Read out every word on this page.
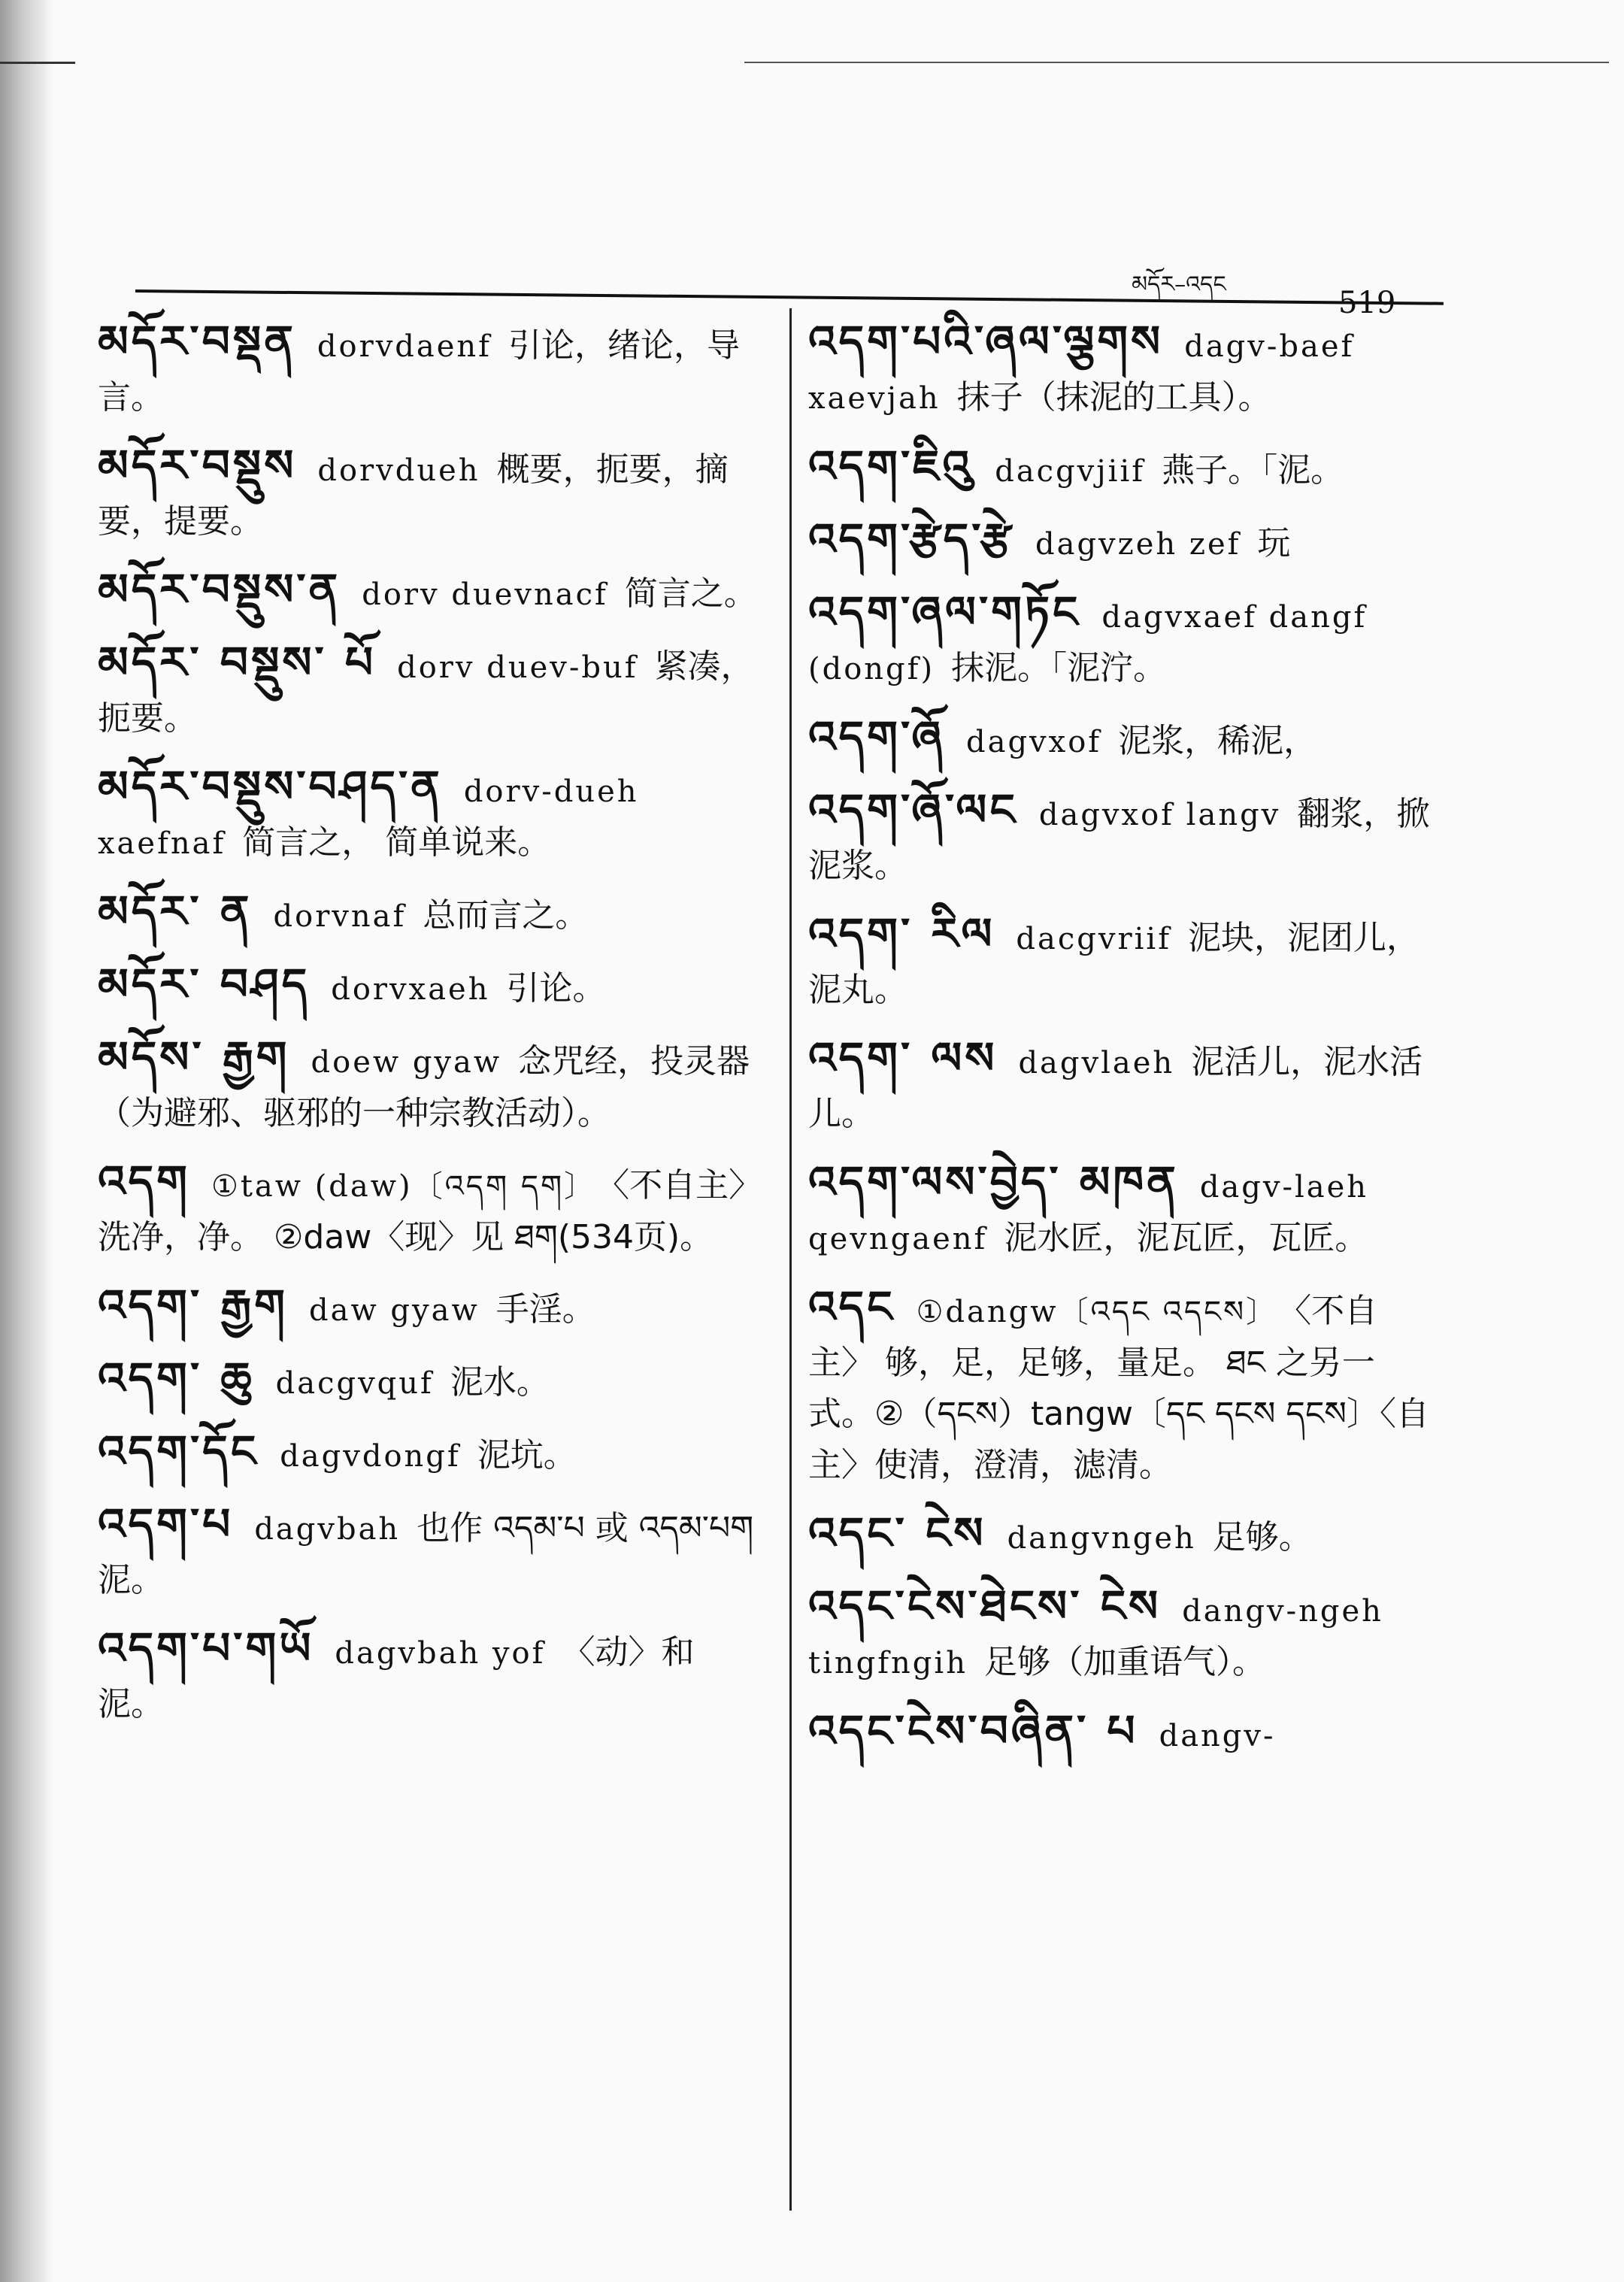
མདོར–འདང
519
མདོར་བསྡན dorvdaenf 引论，绪论，导言。
མདོར་བསྡུས dorvdueh 概要，扼要，摘要，提要。
མདོར་བསྡུས་ན dorv duevnacf 简言之。
མདོར་ བསྡུས་ པོ dorv duev-buf 紧凑，扼要。
མདོར་བསྡུས་བཤད་ན dorv-dueh xaefnaf 简言之， 简单说来。
མདོར་ ན dorvnaf 总而言之。
མདོར་ བཤད dorvxaeh 引论。
མདོས་ རྒྱག doew gyaw 念咒经，投灵器（为避邪、驱邪的一种宗教活动）。
འདག ①taw (daw)〔འདག དག〕 〈不自主〉洗净，净。 ②daw〈现〉见 ཐག(534页)。
འདག་ རྒྱག daw gyaw 手淫。
འདག་ ཆུ dacgvquf 泥水。
འདག་དོང dagvdongf 泥坑。
འདག་པ dagvbah 也作 འདམ་པ 或 འདམ་པག 泥。
འདག་པ་གཡོ dagvbah yof 〈动〉和泥。
འདག་པའི་ཞལ་ལྕགས dagv-baef xaevjah 抹子（抹泥的工具）。
འདག་ཇིའུ dacgvjiif 燕子。「泥。
འདག་རྩེད་རྩེ dagvzeh zef 玩
འདག་ཞལ་གཏོང dagvxaef dangf (dongf) 抹泥。「泥泞。
འདག་ཞོ dagvxof 泥浆，稀泥，
འདག་ཞོ་ལང dagvxof langv 翻浆，掀泥浆。
འདག་ རིལ dacgvriif 泥块，泥团儿，泥丸。
འདག་ ལས dagvlaeh 泥活儿，泥水活儿。
འདག་ལས་བྱེད་ མཁན dagv-laeh qevngaenf 泥水匠，泥瓦匠，瓦匠。
འདང ①dangw〔འདང འདངས〕 〈不自主〉 够，足，足够，量足。 ཐང 之另一式。②（དངས）tangw〔དང དངས དངས〕〈自主〉使清，澄清，滤清。
འདང་ ངེས dangvngeh 足够。
འདང་ངེས་ཐེངས་ ངེས dangv-ngeh tingfngih 足够（加重语气）。
འདང་ངེས་བཞིན་ པ dangv-
